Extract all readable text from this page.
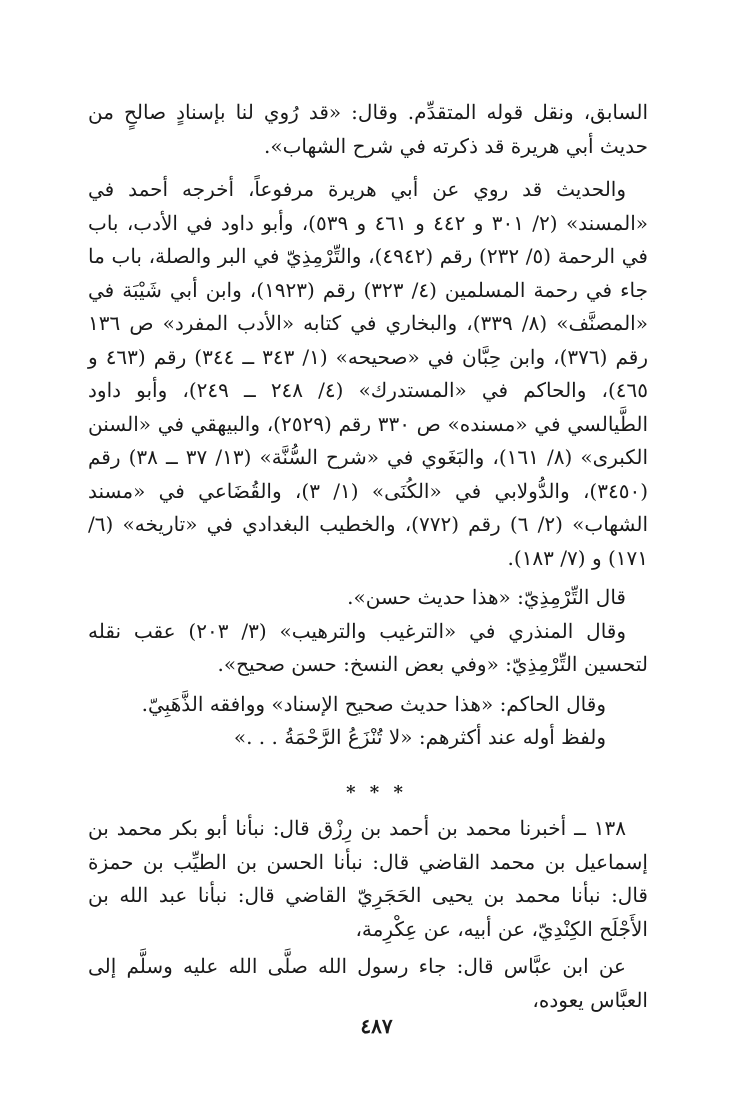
السابق، ونقل قوله المتقدِّم. وقال: «قد رُوي لنا بإسنادٍ صالحٍ من حديث أبي هريرة قد ذكرته في شرح الشهاب».

والحديث قد روي عن أبي هريرة مرفوعاً، أخرجه أحمد في «المسند» (٢/ ٣٠١ و ٤٤٢ و ٤٦١ و ٥٣٩)، وأبو داود في الأدب، باب في الرحمة (٥/ ٢٣٢) رقم (٤٩٤٢)، والتِّرْمِذِيّ في البر والصلة، باب ما جاء في رحمة المسلمين (٤/ ٣٢٣) رقم (١٩٢٣)، وابن أبي شَيْبَة في «المصنَّف» (٨/ ٣٣٩)، والبخاري في كتابه «الأدب المفرد» ص ١٣٦ رقم (٣٧٦)، وابن حِبَّان في «صحيحه» (١/ ٣٤٣ ــ ٣٤٤) رقم (٤٦٣ و ٤٦٥)، والحاكم في «المستدرك» (٤/ ٢٤٨ ــ ٢٤٩)، وأبو داود الطَّيالسي في «مسنده» ص ٣٣٠ رقم (٢٥٢٩)، والبيهقي في «السنن الكبرى» (٨/ ١٦١)، والبَغَوي في «شرح السُّنَّة» (١٣/ ٣٧ ــ ٣٨) رقم (٣٤٥٠)، والدُّولابي في «الكُنَى» (١/ ٣)، والقُضَاعي في «مسند الشهاب» (٢/ ٦) رقم (٧٧٢)، والخطيب البغدادي في «تاريخه» (٦/ ١٧١) و (٧/ ١٨٣).

قال التِّرْمِذِيّ: «هذا حديث حسن».

وقال المنذري في «الترغيب والترهيب» (٣/ ٢٠٣) عقب نقله لتحسين التِّرْمِذِيّ: «وفي بعض النسخ: حسن صحيح».

وقال الحاكم: «هذا حديث صحيح الإسناد» ووافقه الذَّهَبِيّ.

ولفظ أوله عند أكثرهم: «لا تُنْزَعُ الرَّحْمَةُ . . .»

* * *

١٣٨ ــ أخبرنا محمد بن أحمد بن رِزْق قال: نبأنا أبو بكر محمد بن إسماعيل بن محمد القاضي قال: نبأنا الحسن بن الطيِّب بن حمزة قال: نبأنا محمد بن يحيى الحَجَرِيّ القاضي قال: نبأنا عبد الله بن الأَجْلَح الكِنْدِيّ، عن أبيه، عن عِكْرِمة،

عن ابن عبَّاس قال: جاء رسول الله صلَّى الله عليه وسلَّم إلى العبَّاس يعوده،

٤٨٧
